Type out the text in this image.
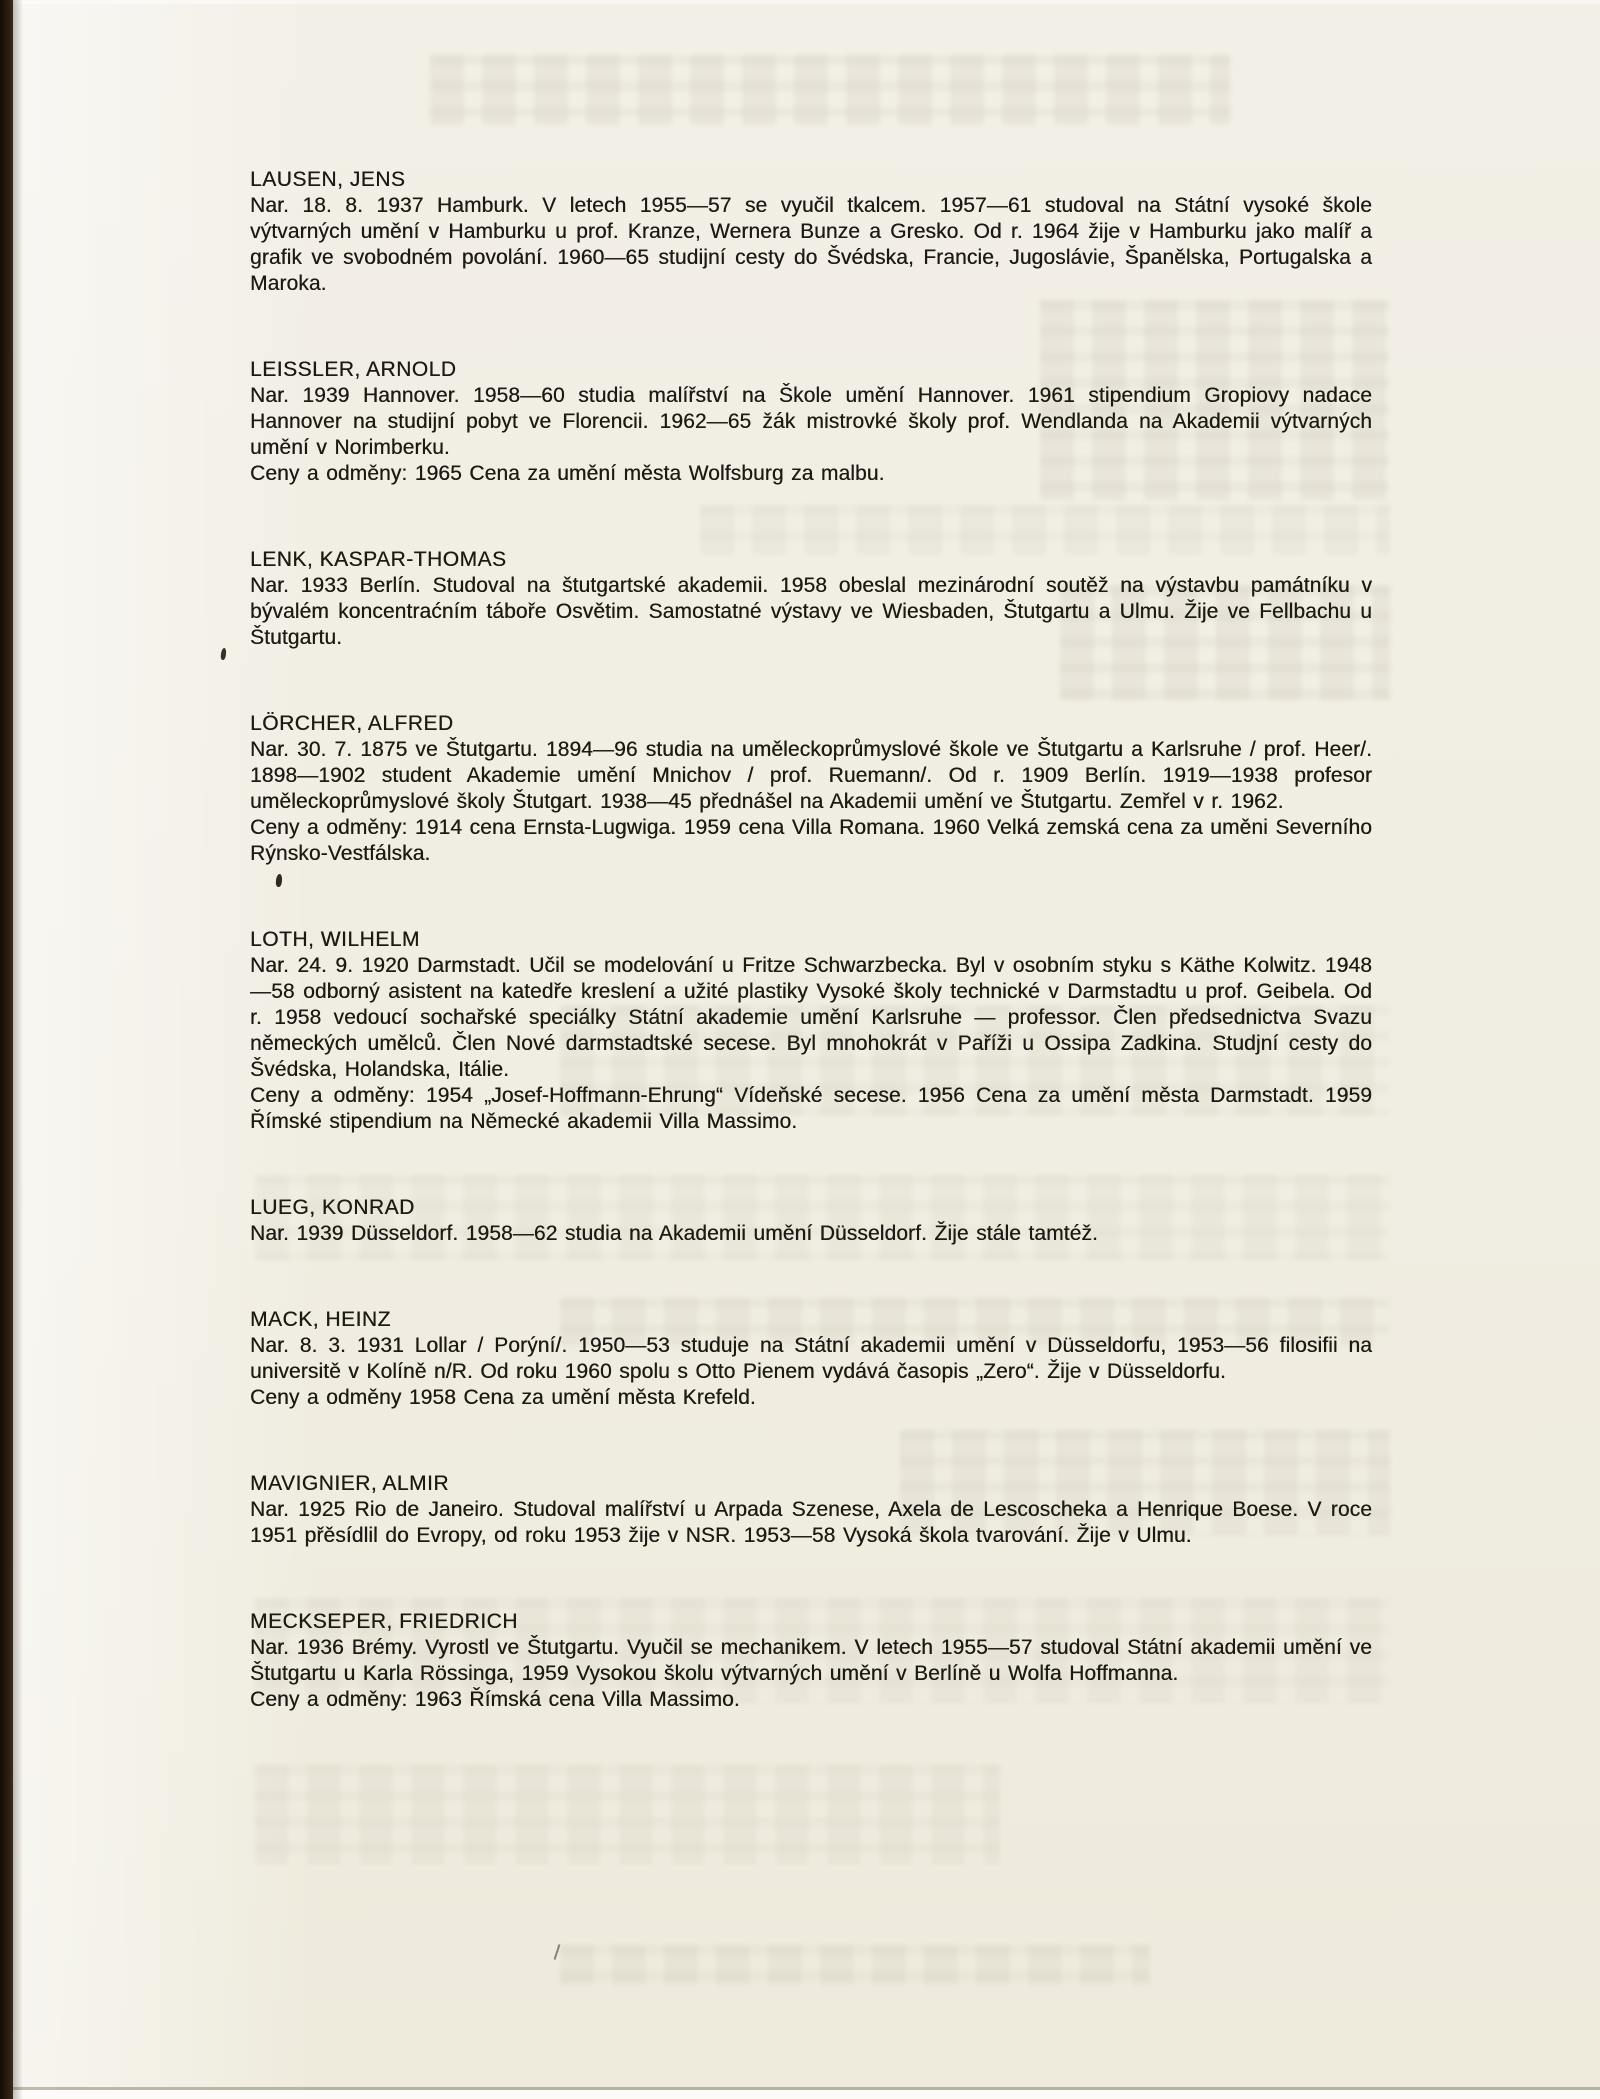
LAUSEN, JENS

Nar. 18. 8. 1937 Hamburk. V letech 1955—57 se vyučil tkalcem. 1957—61 studoval na Státní vysoké škole výtvarných umění v Hamburku u prof. Kranze, Wernera Bunze a Gresko. Od r. 1964 žije v Hamburku jako malíř a grafik ve svobodném povolání. 1960—65 studijní cesty do Švédska, Francie, Jugoslávie, Španělska, Portugalska a Maroka.

LEISSLER, ARNOLD

Nar. 1939 Hannover. 1958—60 studia malířství na Škole umění Hannover. 1961 stipendium Gropiovy nadace Hannover na studijní pobyt ve Florencii. 1962—65 žák mistrovké školy prof. Wendlanda na Akademii výtvarných umění v Norimberku.

Ceny a odměny: 1965 Cena za umění města Wolfsburg za malbu.

LENK, KASPAR-THOMAS

Nar. 1933 Berlín. Studoval na štutgartské akademii. 1958 obeslal mezinárodní soutěž na výstavbu památníku v bývalém koncentraćním táboře Osvětim. Samostatné výstavy ve Wiesbaden, Štutgartu a Ulmu. Žije ve Fellbachu u Štutgartu.

LÖRCHER, ALFRED

Nar. 30. 7. 1875 ve Štutgartu. 1894—96 studia na uměleckoprůmyslové škole ve Štutgartu a Karlsruhe / prof. Heer/. 1898—1902 student Akademie umění Mnichov / prof. Ruemann/. Od r. 1909 Berlín. 1919—1938 profesor uměleckoprůmyslové školy Štutgart. 1938—45 přednášel na Akademii umění ve Štutgartu. Zemřel v r. 1962.

Ceny a odměny: 1914 cena Ernsta-Lugwiga. 1959 cena Villa Romana. 1960 Velká zemská cena za uměni Severního Rýnsko-Vestfálska.

LOTH, WILHELM

Nar. 24. 9. 1920 Darmstadt. Učil se modelování u Fritze Schwarzbecka. Byl v osobním styku s Käthe Kolwitz. 1948—58 odborný asistent na katedře kreslení a užité plastiky Vysoké školy technické v Darmstadtu u prof. Geibela. Od r. 1958 vedoucí sochařské speciálky Státní akademie umění Karlsruhe — professor. Člen předsednictva Svazu německých umělců. Člen Nové darmstadtské secese. Byl mnohokrát v Paříži u Ossipa Zadkina. Studjní cesty do Švédska, Holandska, Itálie.

Ceny a odměny: 1954 „Josef-Hoffmann-Ehrung“ Vídeňské secese. 1956 Cena za umění města Darmstadt. 1959 Římské stipendium na Německé akademii Villa Massimo.

LUEG, KONRAD

Nar. 1939 Düsseldorf. 1958—62 studia na Akademii umění Düsseldorf. Žije stále tamtéž.

MACK, HEINZ

Nar. 8. 3. 1931 Lollar / Porýní/. 1950—53 studuje na Státní akademii umění v Düsseldorfu, 1953—56 filosifii na universitě v Kolíně n/R. Od roku 1960 spolu s Otto Pienem vydává časopis „Zero“. Žije v Düsseldorfu.

Ceny a odměny 1958 Cena za umění města Krefeld.

MAVIGNIER, ALMIR

Nar. 1925 Rio de Janeiro. Studoval malířství u Arpada Szenese, Axela de Lescoscheka a Henrique Boese. V roce 1951 přěsídlil do Evropy, od roku 1953 žije v NSR. 1953—58 Vysoká škola tvarování. Žije v Ulmu.

MECKSEPER, FRIEDRICH

Nar. 1936 Brémy. Vyrostl ve Štutgartu. Vyučil se mechanikem. V letech 1955—57 studoval Státní akademii umění ve Štutgartu u Karla Rössinga, 1959 Vysokou školu výtvarných umění v Berlíně u Wolfa Hoffmanna.

Ceny a odměny: 1963 Římská cena Villa Massimo.
